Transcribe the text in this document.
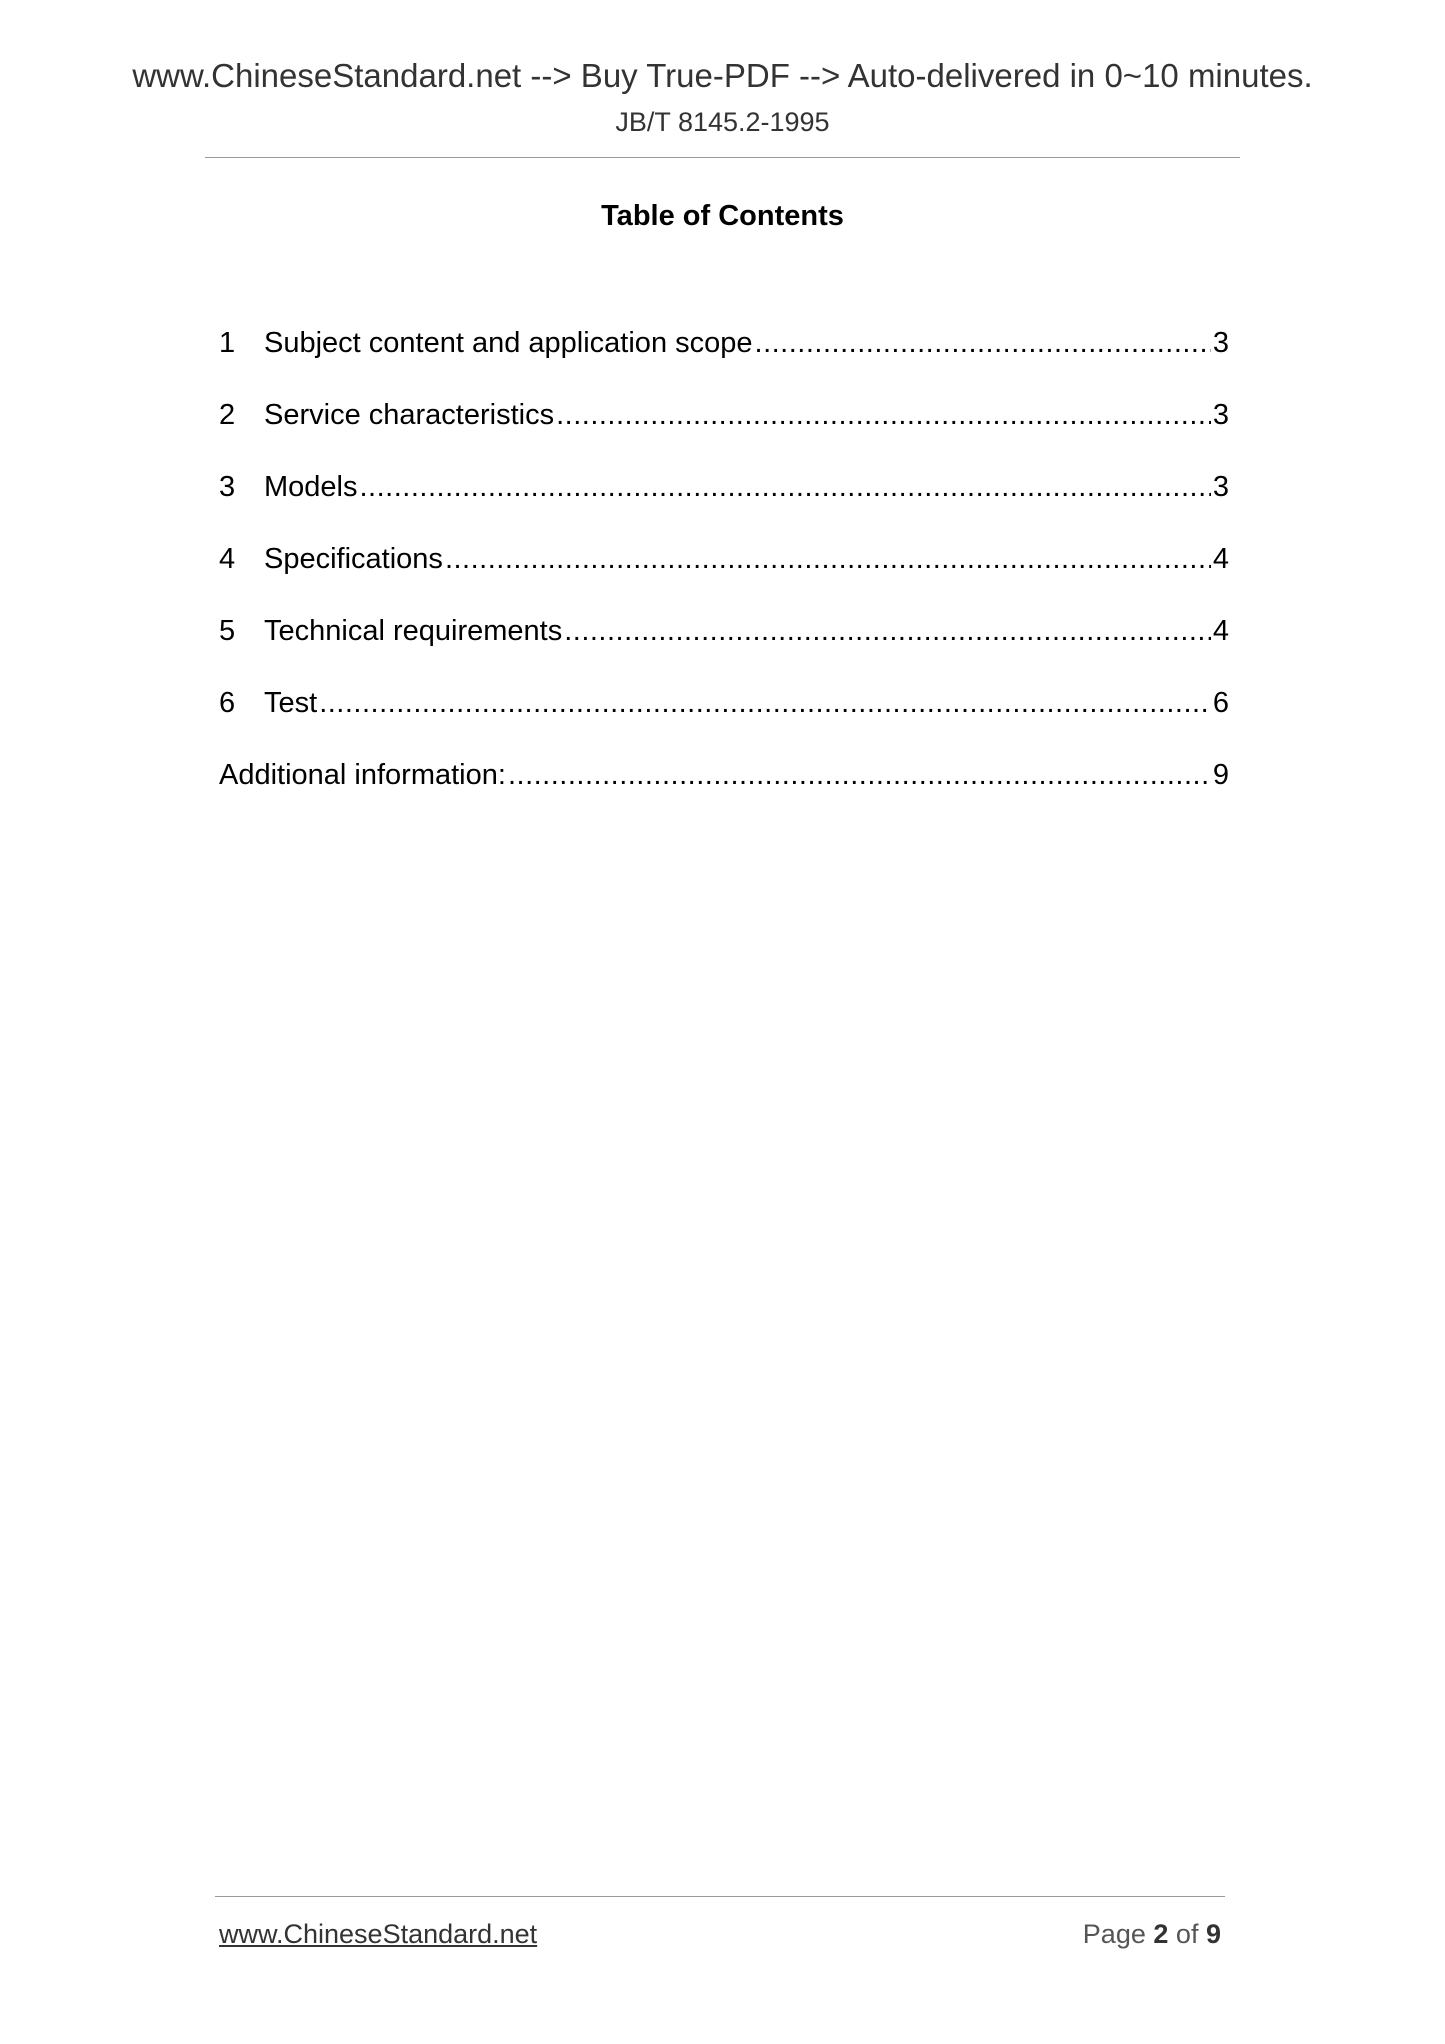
www.ChineseStandard.net --> Buy True-PDF --> Auto-delivered in 0~10 minutes.
JB/T 8145.2-1995
Table of Contents
1 Subject content and application scope .....	3
2 Service characteristics .....	3
3 Models .....	3
4 Specifications .....	4
5 Technical requirements .....	4
6 Test .....	6
Additional information: .....	9
www.ChineseStandard.net	Page 2 of 9
